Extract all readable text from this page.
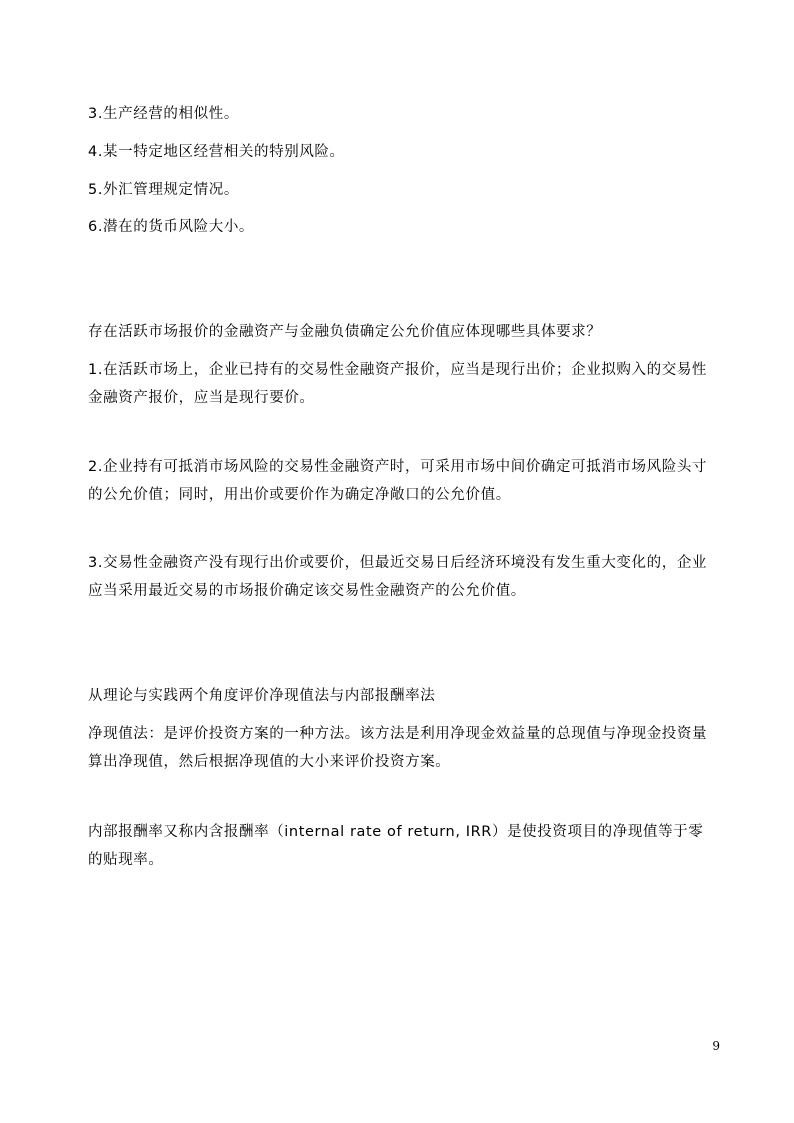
3.生产经营的相似性。

4.某一特定地区经营相关的特别风险。

5.外汇管理规定情况。

6.潜在的货币风险大小。

存在活跃市场报价的金融资产与金融负债确定公允价值应体现哪些具体要求？

1.在活跃市场上，企业已持有的交易性金融资产报价，应当是现行出价；企业拟购入的交易性金融资产报价，应当是现行要价。

2.企业持有可抵消市场风险的交易性金融资产时，可采用市场中间价确定可抵消市场风险头寸的公允价值；同时，用出价或要价作为确定净敞口的公允价值。

3.交易性金融资产没有现行出价或要价，但最近交易日后经济环境没有发生重大变化的，企业应当采用最近交易的市场报价确定该交易性金融资产的公允价值。

从理论与实践两个角度评价净现值法与内部报酬率法

净现值法：是评价投资方案的一种方法。该方法是利用净现金效益量的总现值与净现金投资量算出净现值，然后根据净现值的大小来评价投资方案。

内部报酬率又称内含报酬率（internal rate of return, IRR）是使投资项目的净现值等于零的贴现率。

9
